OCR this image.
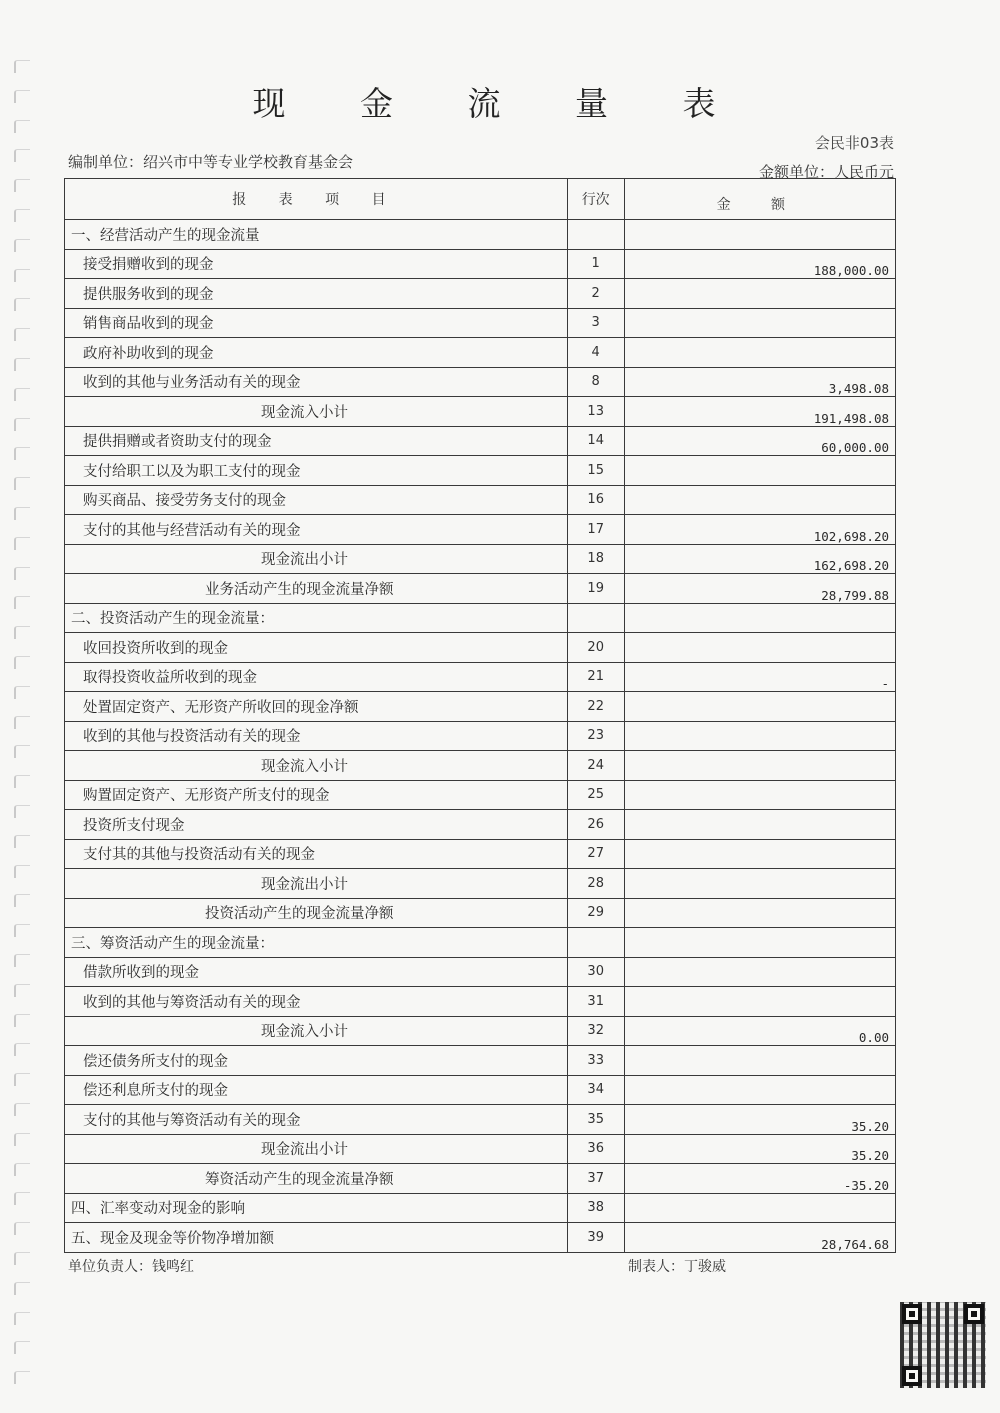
现 金 流 量 表
会民非03表
编制单位：绍兴市中等专业学校教育基金会
金额单位：人民币元
报 表 项 目	行次	金 额
一、经营活动产生的现金流量		
接受捐赠收到的现金	1	188,000.00
提供服务收到的现金	2	
销售商品收到的现金	3	
政府补助收到的现金	4	
收到的其他与业务活动有关的现金	8	3,498.08
现金流入小计	13	191,498.08
提供捐赠或者资助支付的现金	14	60,000.00
支付给职工以及为职工支付的现金	15	
购买商品、接受劳务支付的现金	16	
支付的其他与经营活动有关的现金	17	102,698.20
现金流出小计	18	162,698.20
业务活动产生的现金流量净额	19	28,799.88
二、投资活动产生的现金流量：		
收回投资所收到的现金	20	
取得投资收益所收到的现金	21	-
处置固定资产、无形资产所收回的现金净额	22	
收到的其他与投资活动有关的现金	23	
现金流入小计	24	
购置固定资产、无形资产所支付的现金	25	
投资所支付现金	26	
支付其的其他与投资活动有关的现金	27	
现金流出小计	28	
投资活动产生的现金流量净额	29	
三、筹资活动产生的现金流量：		
借款所收到的现金	30	
收到的其他与筹资活动有关的现金	31	
现金流入小计	32	0.00
偿还债务所支付的现金	33	
偿还利息所支付的现金	34	
支付的其他与筹资活动有关的现金	35	35.20
现金流出小计	36	35.20
筹资活动产生的现金流量净额	37	-35.20
四、汇率变动对现金的影响	38	
五、现金及现金等价物净增加额	39	28,764.68
单位负责人：钱鸣红	制表人：丁骏威
